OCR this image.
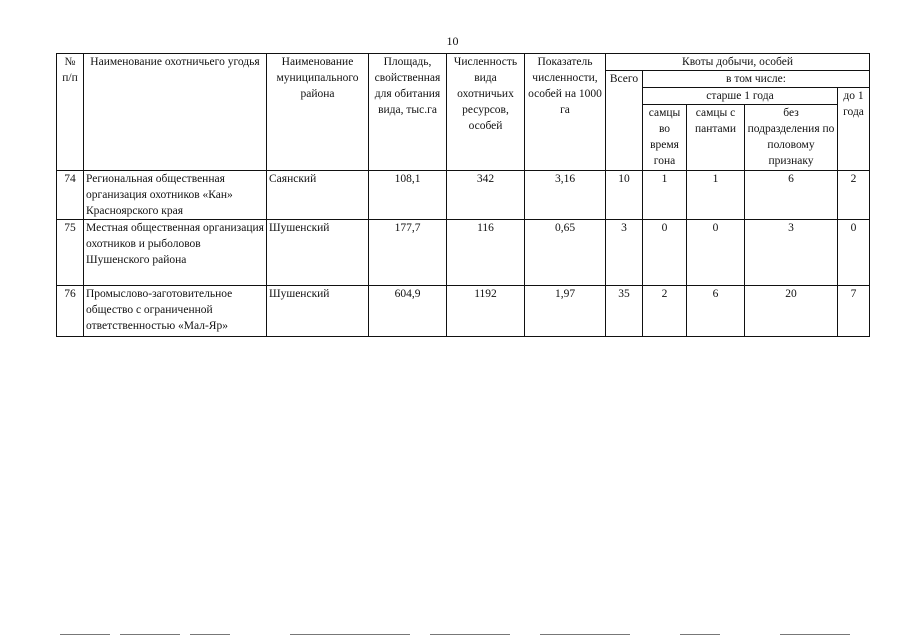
10
№ п/п	Наименование охотничьего угодья	Наименование муниципального района	Площадь, свойственная для обитания вида, тыс.га	Численность вида охотничьих ресурсов, особей	Показатель численности, особей на 1000 га	Квоты добычи, особей				
						Всего	в том числе:			
							старше 1 года			до 1 года
							самцы во время гона	самцы с пантами	без подразделения по половому признаку	
74	Региональная общественная организация охотников «Кан» Красноярского края	Саянский	108,1	342	3,16	10	1	1	6	2
75	Местная общественная организация охотников и рыболовов Шушенского района	Шушенский	177,7	116	0,65	3	0	0	3	0
76	Промыслово-заготовительное общество с ограниченной ответственностью «Мал-Яр»	Шушенский	604,9	1192	1,97	35	2	6	20	7
